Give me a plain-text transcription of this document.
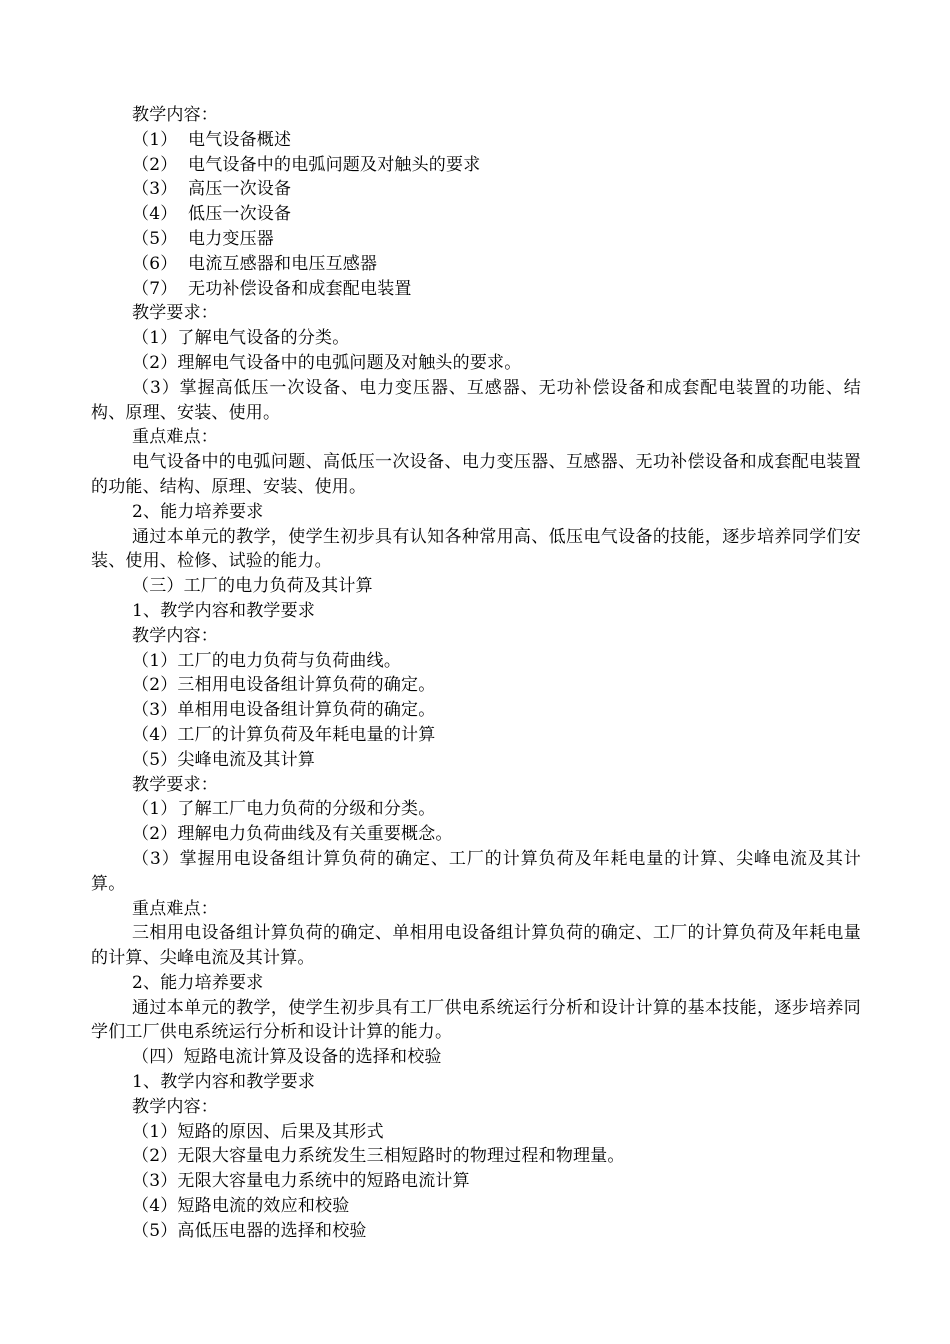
教学内容：

（1） 电气设备概述

（2） 电气设备中的电弧问题及对触头的要求

（3） 高压一次设备

（4） 低压一次设备

（5） 电力变压器

（6） 电流互感器和电压互感器

（7） 无功补偿设备和成套配电装置

教学要求：

（1）了解电气设备的分类。

（2）理解电气设备中的电弧问题及对触头的要求。

（3）掌握高低压一次设备、电力变压器、互感器、无功补偿设备和成套配电装置的功能、结构、原理、安装、使用。

重点难点：

电气设备中的电弧问题、高低压一次设备、电力变压器、互感器、无功补偿设备和成套配电装置的功能、结构、原理、安装、使用。

2、能力培养要求

通过本单元的教学，使学生初步具有认知各种常用高、低压电气设备的技能，逐步培养同学们安装、使用、检修、试验的能力。

（三）工厂的电力负荷及其计算

1、教学内容和教学要求

教学内容：

（1）工厂的电力负荷与负荷曲线。

（2）三相用电设备组计算负荷的确定。

（3）单相用电设备组计算负荷的确定。

（4）工厂的计算负荷及年耗电量的计算

（5）尖峰电流及其计算

教学要求：

（1）了解工厂电力负荷的分级和分类。

（2）理解电力负荷曲线及有关重要概念。

（3）掌握用电设备组计算负荷的确定、工厂的计算负荷及年耗电量的计算、尖峰电流及其计算。

重点难点：

三相用电设备组计算负荷的确定、单相用电设备组计算负荷的确定、工厂的计算负荷及年耗电量的计算、尖峰电流及其计算。

2、能力培养要求

通过本单元的教学，使学生初步具有工厂供电系统运行分析和设计计算的基本技能，逐步培养同学们工厂供电系统运行分析和设计计算的能力。

（四）短路电流计算及设备的选择和校验

1、教学内容和教学要求

教学内容：

（1）短路的原因、后果及其形式

（2）无限大容量电力系统发生三相短路时的物理过程和物理量。

（3）无限大容量电力系统中的短路电流计算

（4）短路电流的效应和校验

（5）高低压电器的选择和校验
